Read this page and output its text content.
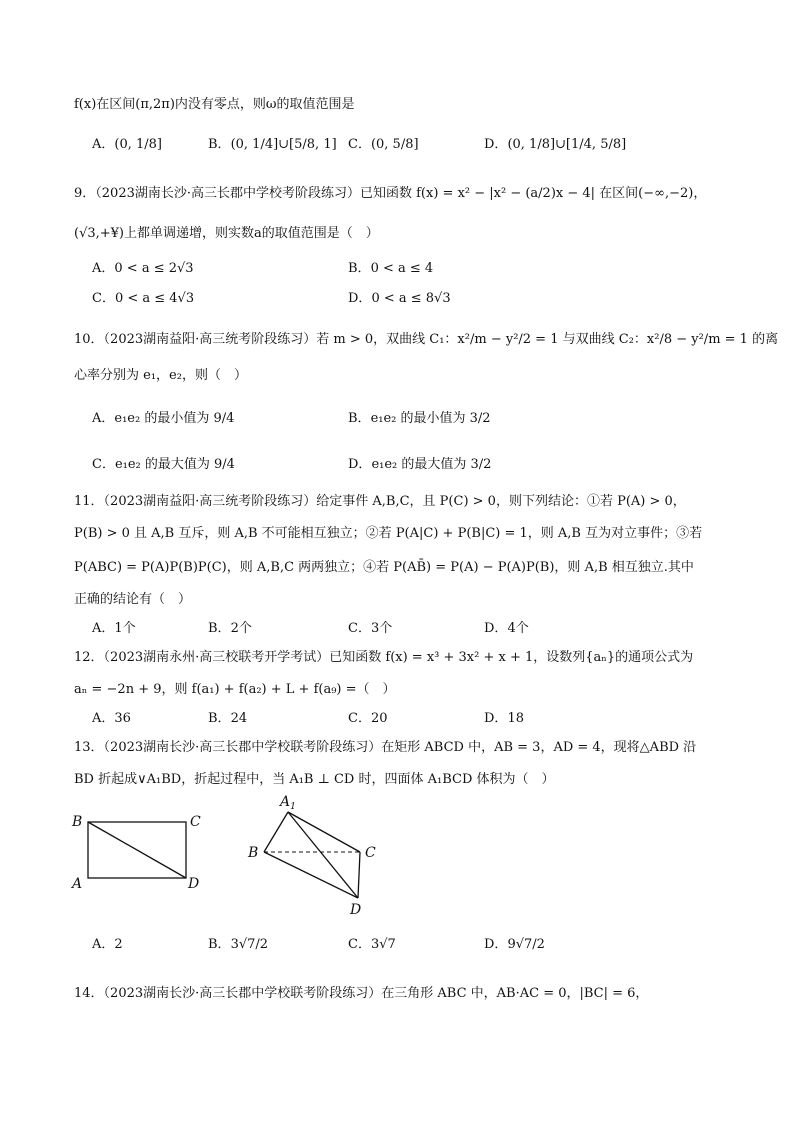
f(x)在区间(π,2π)内没有零点，则ω的取值范围是
A．(0, 1/8]	B．(0, 1/4]∪[5/8, 1] C．(0, 5/8]	D．(0, 1/8]∪[1/4, 5/8]
9．（2023湖南长沙·高三长郡中学校考阶段练习）已知函数 f(x) = x² − |x² − (a/2)x − 4| 在区间(−∞,−2)，
(√3,+¥)上都单调递增，则实数a的取值范围是（　）
A．0 < a ≤ 2√3	B．0 < a ≤ 4
C．0 < a ≤ 4√3	D．0 < a ≤ 8√3
10．（2023湖南益阳·高三统考阶段练习）若 m > 0，双曲线 C₁：x²/m − y²/2 = 1 与双曲线 C₂：x²/8 − y²/m = 1 的离
心率分别为 e₁，e₂，则（　）
A．e₁e₂ 的最小值为 9/4	B．e₁e₂ 的最小值为 3/2
C．e₁e₂ 的最大值为 9/4	D．e₁e₂ 的最大值为 3/2
11．（2023湖南益阳·高三统考阶段练习）给定事件 A,B,C，且 P(C) > 0，则下列结论：①若 P(A) > 0，
P(B) > 0 且 A,B 互斥，则 A,B 不可能相互独立；②若 P(A|C) + P(B|C) = 1，则 A,B 互为对立事件；③若
P(ABC) = P(A)P(B)P(C)，则 A,B,C 两两独立；④若 P(AB̄) = P(A) − P(A)P(B)，则 A,B 相互独立.其中
正确的结论有（　）
A．1个	B．2个	C．3个	D．4个
12．（2023湖南永州·高三校联考开学考试）已知函数 f(x) = x³ + 3x² + x + 1，设数列{aₙ}的通项公式为
aₙ = −2n + 9，则 f(a₁) + f(a₂) + L + f(a₉) =（　）
A．36	B．24	C．20	D．18
13．（2023湖南长沙·高三长郡中学校联考阶段练习）在矩形 ABCD 中，AB = 3，AD = 4，现将△ABD 沿
BD 折起成∨A₁BD，折起过程中，当 A₁B ⊥ CD 时，四面体 A₁BCD 体积为（　）
B	C
A	D
$A_1$
B	C
D
A．2	B．3√7/2	C．3√7	D．9√7/2
14．（2023湖南长沙·高三长郡中学校联考阶段练习）在三角形 ABC 中，AB·AC = 0，|BC| = 6，
